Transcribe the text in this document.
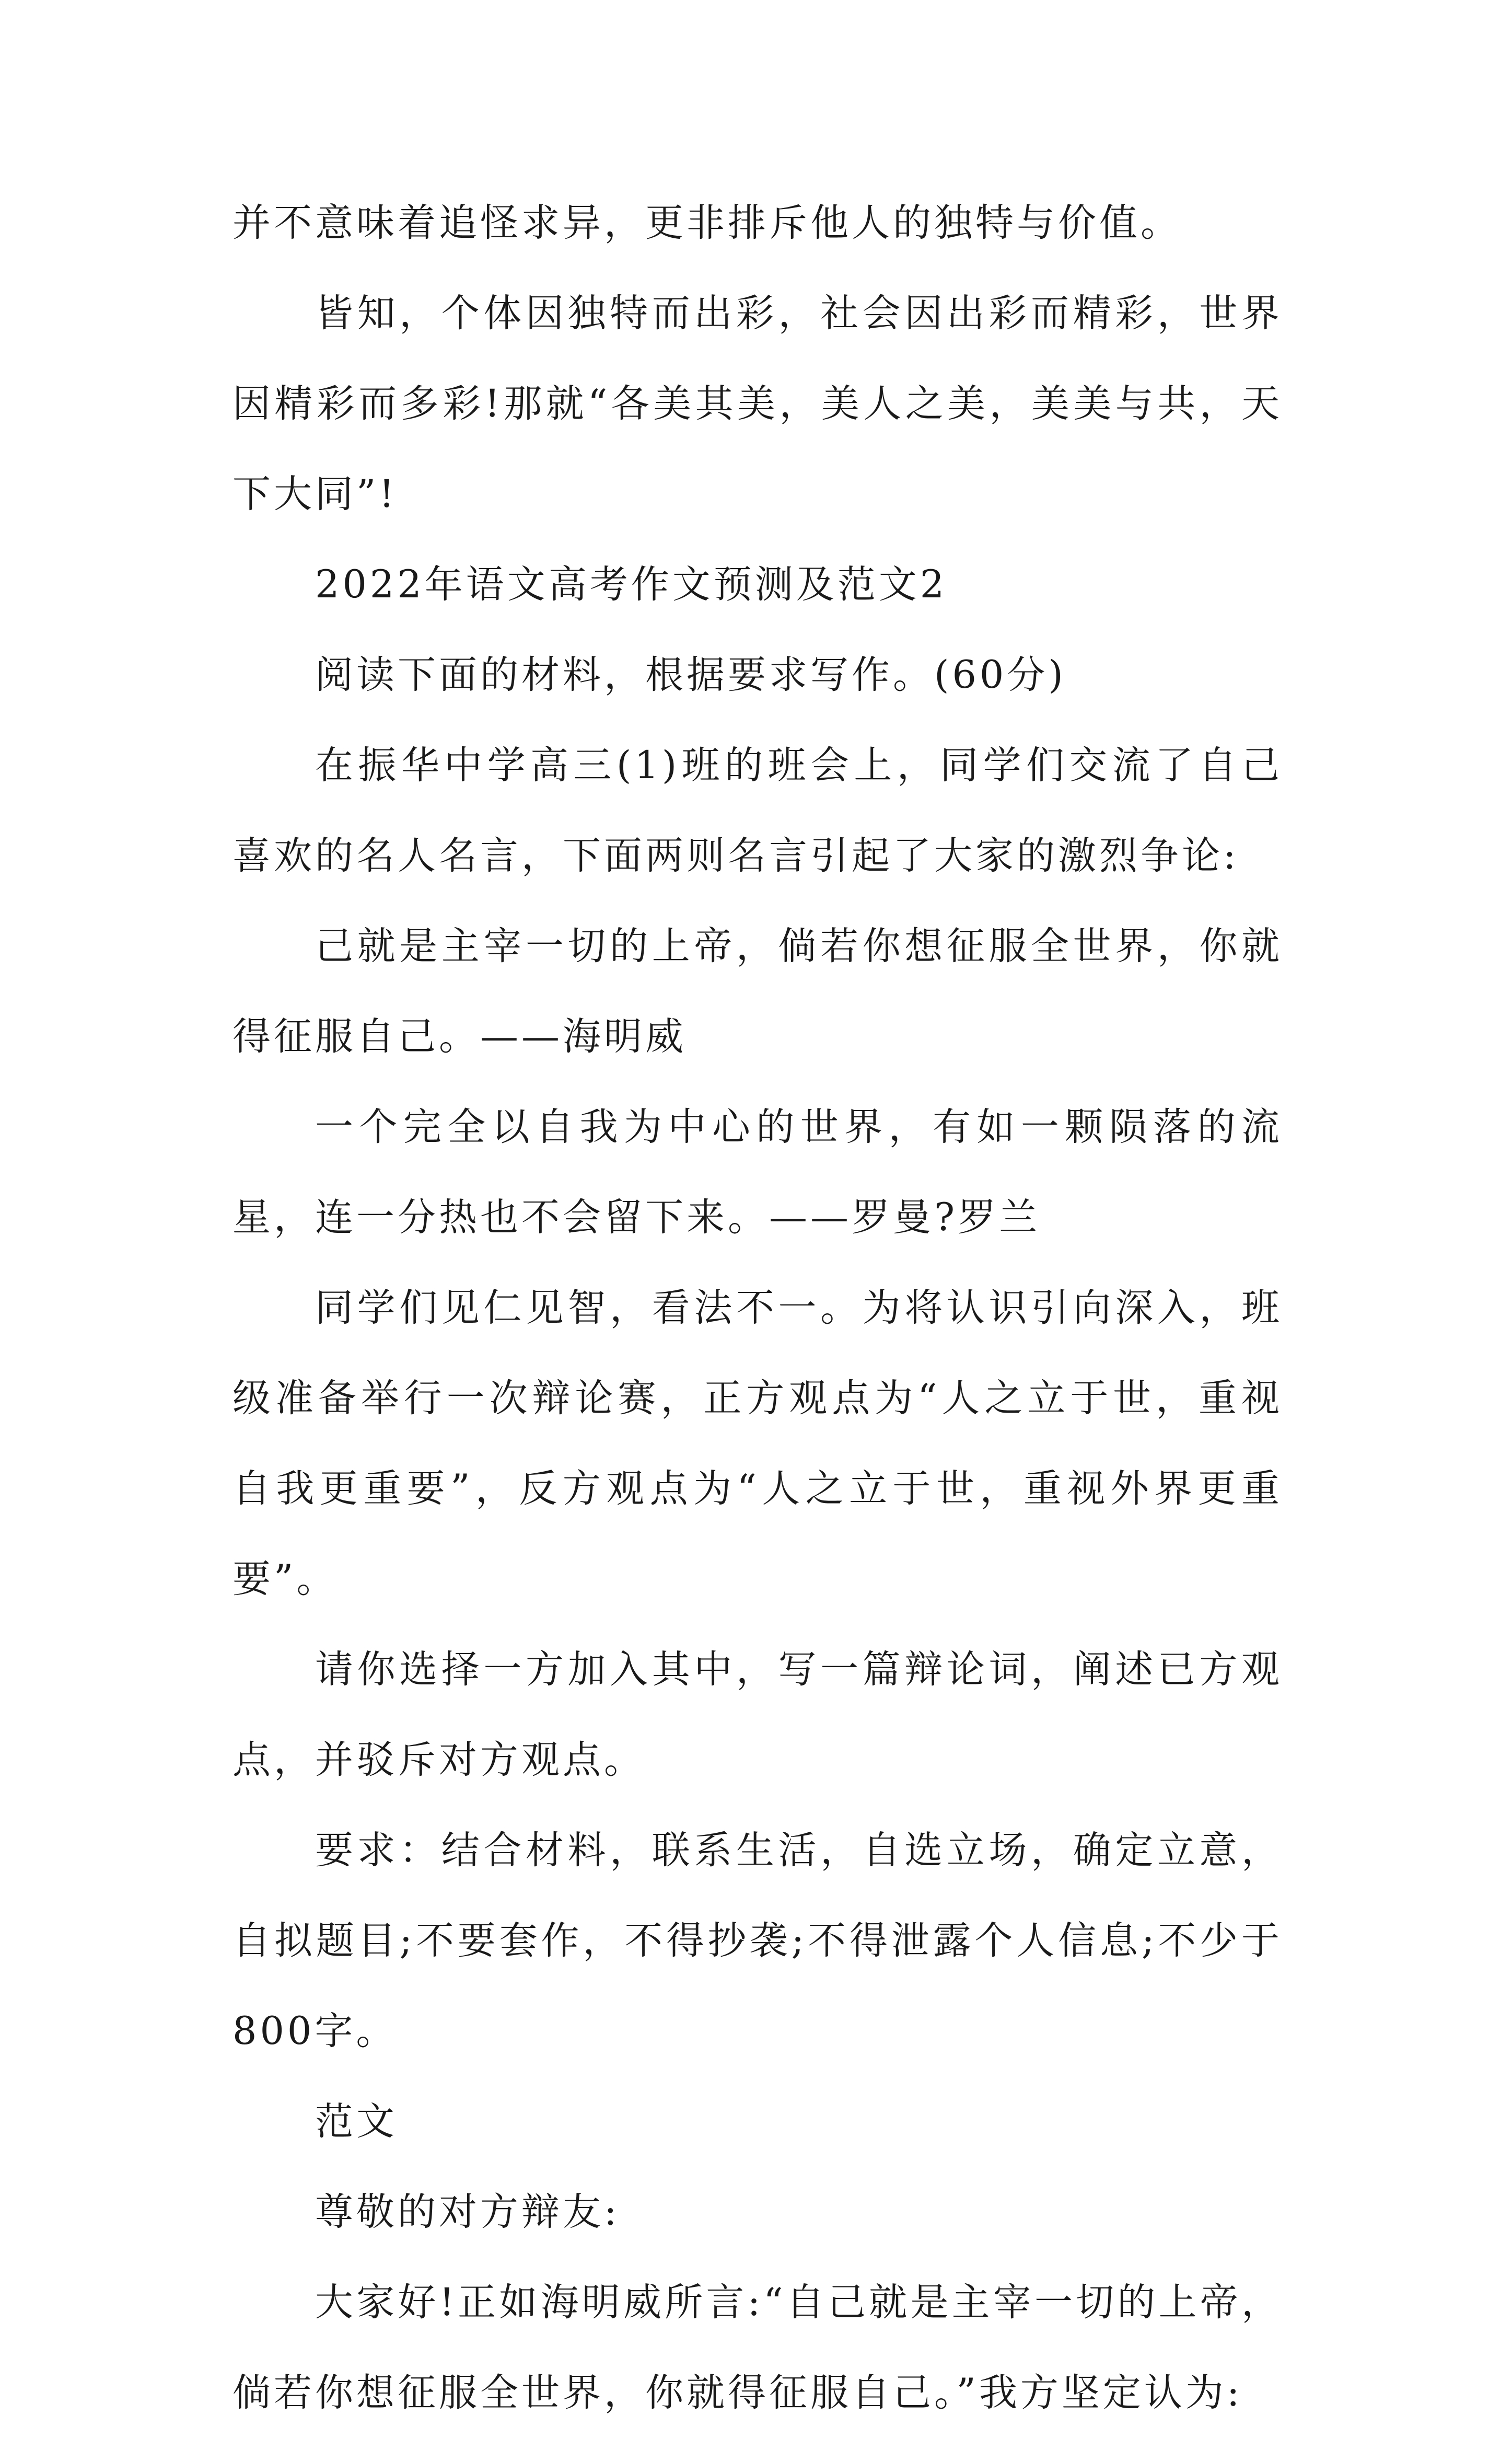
并不意味着追怪求异，更非排斥他人的独特与价值。

皆知，个体因独特而出彩，社会因出彩而精彩，世界因精彩而多彩!那就“各美其美，美人之美，美美与共，天下大同”!

2022年语文高考作文预测及范文2

阅读下面的材料，根据要求写作。(60分)

在振华中学高三(1)班的班会上，同学们交流了自己喜欢的名人名言，下面两则名言引起了大家的激烈争论:

己就是主宰一切的上帝，倘若你想征服全世界，你就得征服自己。——海明威

一个完全以自我为中心的世界，有如一颗陨落的流星，连一分热也不会留下来。——罗曼?罗兰

同学们见仁见智，看法不一。为将认识引向深入，班级准备举行一次辩论赛，正方观点为“人之立于世，重视自我更重要”，反方观点为“人之立于世，重视外界更重要”。

请你选择一方加入其中，写一篇辩论词，阐述已方观点，并驳斥对方观点。

要求：结合材料，联系生活，自选立场，确定立意，自拟题目;不要套作，不得抄袭;不得泄露个人信息;不少于800字。

范文

尊敬的对方辩友:

大家好!正如海明威所言:“自己就是主宰一切的上帝，倘若你想征服全世界，你就得征服自己。”我方坚定认为:
